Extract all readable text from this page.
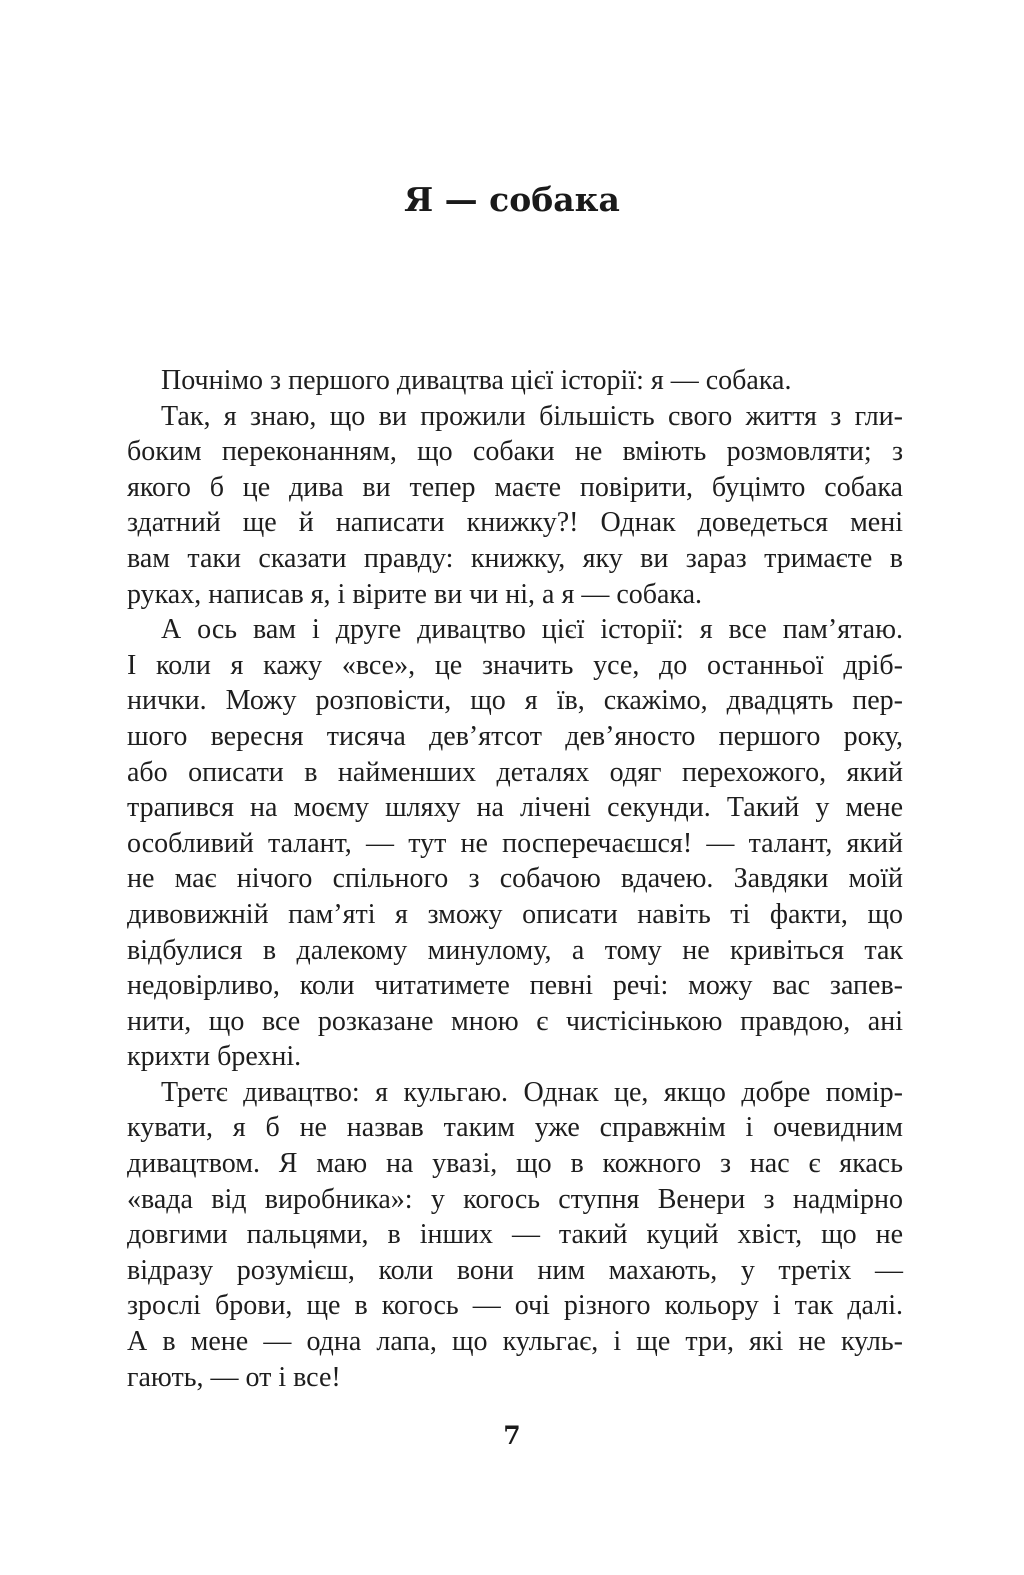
Я — собака
Почнімо з першого дивацтва цієї історії: я — собака.
Так, я знаю, що ви прожили більшість свого життя з гли-
боким переконанням, що собаки не вміють розмовляти; з
якого б це дива ви тепер маєте повірити, буцімто собака
здатний ще й написати книжку?! Однак доведеться мені
вам таки сказати правду: книжку, яку ви зараз тримаєте в
руках, написав я, і вірите ви чи ні, а я — собака.
А ось вам і друге дивацтво цієї історії: я все пам’ятаю.
І коли я кажу «все», це значить усе, до останньої дріб-
нички. Можу розповісти, що я їв, скажімо, двадцять пер-
шого вересня тисяча дев’ятсот дев’яносто першого року,
або описати в найменших деталях одяг перехожого, який
трапився на моєму шляху на лічені секунди. Такий у мене
особливий талант, — тут не посперечаєшся! — талант, який
не має нічого спільного з собачою вдачею. Завдяки моїй
дивовижній пам’яті я зможу описати навіть ті факти, що
відбулися в далекому минулому, а тому не кривіться так
недовірливо, коли читатимете певні речі: можу вас запев-
нити, що все розказане мною є чистісінькою правдою, ані
крихти брехні.
Третє дивацтво: я кульгаю. Однак це, якщо добре помір-
кувати, я б не назвав таким уже справжнім і очевидним
дивацтвом. Я маю на увазі, що в кожного з нас є якась
«вада від виробника»: у когось ступня Венери з надмірно
довгими пальцями, в інших — такий куций хвіст, що не
відразу розумієш, коли вони ним махають, у третіх —
зрослі брови, ще в когось — очі різного кольору і так далі.
А в мене — одна лапа, що кульгає, і ще три, які не куль-
гають, — от і все!
7
